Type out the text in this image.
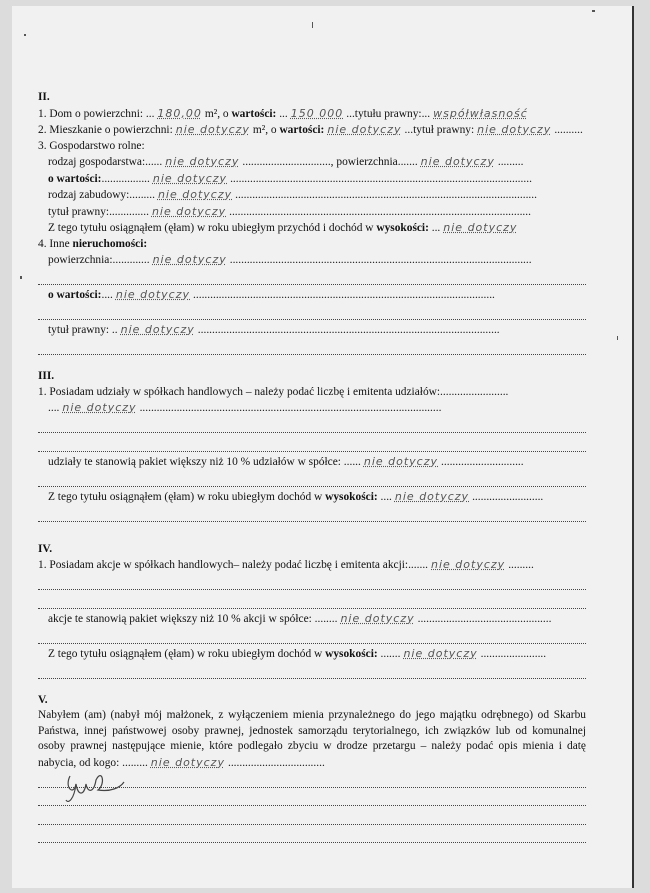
II.
1. Dom o powierzchni: ... 180,00 m², o wartości: ... 150 000 ...tytułu prawny:... współwłasność
2. Mieszkanie o powierzchni: nie dotyczy m², o wartości: nie dotyczy ...tytuł prawny: nie dotyczy ..........
3. Gospodarstwo rolne:
rodzaj gospodarstwa:...... nie dotyczy ..............................., powierzchnia....... nie dotyczy .........
o wartości:................. nie dotyczy ..........................................................................................................
rodzaj zabudowy:......... nie dotyczy ..........................................................................................................
tytuł prawny:.............. nie dotyczy ..........................................................................................................
Z tego tytułu osiągnąłem (ęłam) w roku ubiegłym przychód i dochód w wysokości: ... nie dotyczy
4. Inne nieruchomości:
powierzchnia:............. nie dotyczy ..........................................................................................................
o wartości:.... nie dotyczy ..........................................................................................................
tytuł prawny: .. nie dotyczy ..........................................................................................................
III.
1. Posiadam udziały w spółkach handlowych – należy podać liczbę i emitenta udziałów:........................
.... nie dotyczy ..........................................................................................................
udziały te stanowią pakiet większy niż 10 % udziałów w spółce: ...... nie dotyczy .............................
Z tego tytułu osiągnąłem (ęłam) w roku ubiegłym dochód w wysokości: .... nie dotyczy .........................
IV.
1. Posiadam akcje w spółkach handlowych– należy podać liczbę i emitenta akcji:....... nie dotyczy .........
akcje te stanowią pakiet większy niż 10 % akcji w spółce: ........ nie dotyczy ...............................................
Z tego tytułu osiągnąłem (ęłam) w roku ubiegłym dochód w wysokości: ....... nie dotyczy .......................
V.
Nabyłem (am) (nabył mój małżonek, z wyłączeniem mienia przynależnego do jego majątku odrębnego) od Skarbu Państwa, innej państwowej osoby prawnej, jednostek samorządu terytorialnego, ich związków lub od komunalnej osoby prawnej następujące mienie, które podlegało zbyciu w drodze przetargu – należy podać opis mienia i datę nabycia, od kogo: ......... nie dotyczy ..................................
